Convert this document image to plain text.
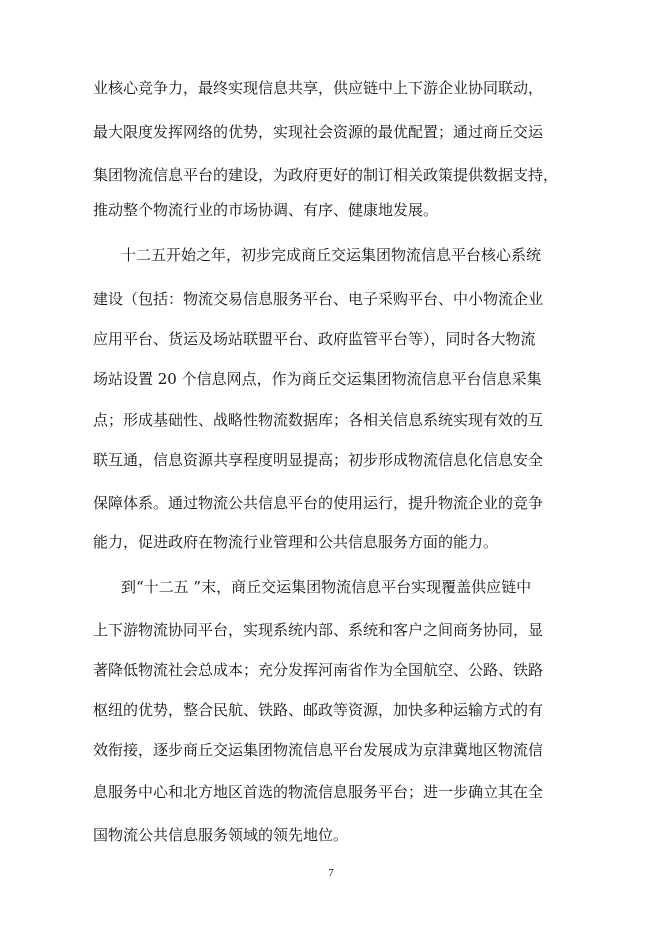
业核心竞争力，最终实现信息共享，供应链中上下游企业协同联动，
最大限度发挥网络的优势，实现社会资源的最优配置；通过商丘交运
集团物流信息平台的建设，为政府更好的制订相关政策提供数据支持，
推动整个物流行业的市场协调、有序、健康地发展。
十二五开始之年，初步完成商丘交运集团物流信息平台核心系统
建设（包括：物流交易信息服务平台、电子采购平台、中小物流企业
应用平台、货运及场站联盟平台、政府监管平台等），同时各大物流
场站设置 20 个信息网点，作为商丘交运集团物流信息平台信息采集
点；形成基础性、战略性物流数据库；各相关信息系统实现有效的互
联互通，信息资源共享程度明显提高；初步形成物流信息化信息安全
保障体系。通过物流公共信息平台的使用运行，提升物流企业的竞争
能力，促进政府在物流行业管理和公共信息服务方面的能力。
到“十二五 ”末，商丘交运集团物流信息平台实现覆盖供应链中
上下游物流协同平台，实现系统内部、系统和客户之间商务协同，显
著降低物流社会总成本；充分发挥河南省作为全国航空、公路、铁路
枢纽的优势，整合民航、铁路、邮政等资源，加快多种运输方式的有
效衔接，逐步商丘交运集团物流信息平台发展成为京津冀地区物流信
息服务中心和北方地区首选的物流信息服务平台；进一步确立其在全
国物流公共信息服务领域的领先地位。
7
